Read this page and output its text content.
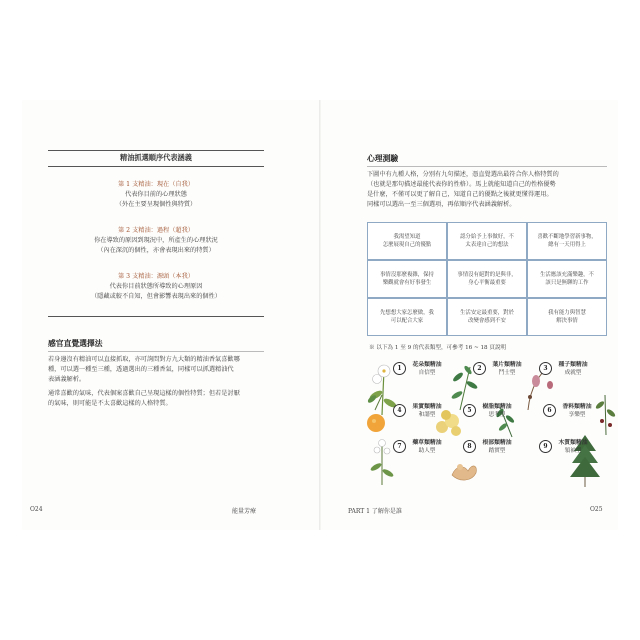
精油抓選順序代表涵義
第 1 支精油：現在（自我）
代表你目前的心理狀態
（外在主要呈現個性與特質）
第 2 支精油：過程（超我）
你在導致的原因到現況中，所產生的心理狀況
（內在深沉的個性，亦會表現出來的特質）
第 3 支精油：源頭（本我）
代表你目前狀態所導致的心理原因
（隱藏或較不自知，但會影響表現出來的個性）
感官直覺選擇法
若身邊沒有精油可以直接抓取，亦可詢問對方九大類的精油香氣喜歡哪
種，可以選一種至三種，透過選出的三種香氣，同樣可以抓選精油代
表涵義解析。
通常喜歡的氣味，代表個案喜歡自己呈現這樣的個性特質；但若是討厭
的氣味，則可能是不太喜歡這樣的人格特質。
O24	能量芳療
心理測驗
下圖中有九種人格，分別有九句描述，憑直覺選出最符合你人格特質的
（也就是那句描述最能代表你的性格）。馬上就能知道自己的性格優勢
是什麼，不僅可以更了解自己，知道自己的優點之後就更懂得運用。
同樣可以選出一至三個選項，再依順序代表涵義解析。
我渴望知道
怎麼展現自己的優點
認分給予上事做好，不
太表達自己的想法
喜歡不斷地學習新事物，
總有一天用得上
事情沒那麼複雜，保持
樂觀就會有好事發生
事情沒有絕對的是與非，
身心平衡最重要
生活應該充滿樂趣，不
該只是無聊的工作
先想想大家怎麼做，我
可以配合大家
生活安定最重要，對於
改變會感到不安
我有能力與智慧
解決事情
※ 以下為 1 至 9 的代表類型，可參考 16 ~ 18 頁說明
1	花朵類精油
自信型
2	葉片類精油
鬥士型
3	種子類精油
成就型
4	果實類精油
和諧型
5	樹脂類精油
思考型
6	香料類精油
享樂型
7	藥草類精油
助人型
8	根部類精油
踏實型
9	木質類精油
領袖型
PART 1 了解你是誰	O25
